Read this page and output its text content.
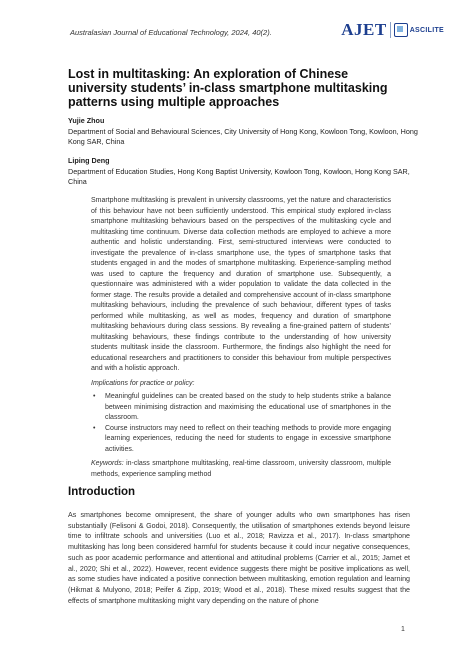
Australasian Journal of Educational Technology, 2024, 40(2).	AJET	ASCILITE
Lost in multitasking: An exploration of Chinese university students’ in-class smartphone multitasking patterns using multiple approaches
Yujie Zhou
Department of Social and Behavioural Sciences, City University of Hong Kong, Kowloon Tong, Kowloon, Hong Kong SAR, China
Liping Deng
Department of Education Studies, Hong Kong Baptist University, Kowloon Tong, Kowloon, Hong Kong SAR, China

Smartphone multitasking is prevalent in university classrooms, yet the nature and characteristics of this behaviour have not been sufficiently understood. This empirical study explored in-class smartphone multitasking behaviours based on the perspectives of the multitasking cycle and multitasking time continuum. Diverse data collection methods are employed to achieve a more authentic and holistic understanding. First, semi-structured interviews were conducted to investigate the prevalence of in-class smartphone use, the types of smartphone tasks that students engaged in and the modes of smartphone multitasking. Experience-sampling method was used to capture the frequency and duration of smartphone use. Subsequently, a questionnaire was administered with a wider population to validate the data collected in the former stage. The results provide a detailed and comprehensive account of in-class smartphone multitasking behaviours, including the prevalence of such behaviour, different types of tasks performed while multitasking, as well as modes, frequency and duration of smartphone multitasking behaviours during class sessions. By revealing a fine-grained pattern of students’ multitasking behaviours, these findings contribute to the understanding of how university students multitask inside the classroom. Furthermore, the findings also highlight the need for educational researchers and practitioners to consider this behaviour from multiple perspectives and with a holistic approach.

Implications for practice or policy:
• Meaningful guidelines can be created based on the study to help students strike a balance between minimising distraction and maximising the educational use of smartphones in the classroom.
• Course instructors may need to reflect on their teaching methods to provide more engaging learning experiences, reducing the need for students to engage in excessive smartphone activities.

Keywords: in-class smartphone multitasking, real-time classroom, university classroom, multiple methods, experience sampling method

Introduction

As smartphones become omnipresent, the share of younger adults who own smartphones has risen substantially (Felisoni & Godoi, 2018). Consequently, the utilisation of smartphones extends beyond leisure time to infiltrate schools and universities (Luo et al., 2018; Ravizza et al., 2017). In-class smartphone multitasking has long been considered harmful for students because it could incur negative consequences, such as poor academic performance and attentional and attitudinal problems (Carrier et al., 2015; Jamet et al., 2020; Shi et al., 2022). However, recent evidence suggests there might be positive implications as well, as some studies have indicated a positive connection between multitasking, emotion regulation and learning (Hikmat & Mulyono, 2018; Peifer & Zipp, 2019; Wood et al., 2018). These mixed results suggest that the effects of smartphone multitasking might vary depending on the nature of phone

1
